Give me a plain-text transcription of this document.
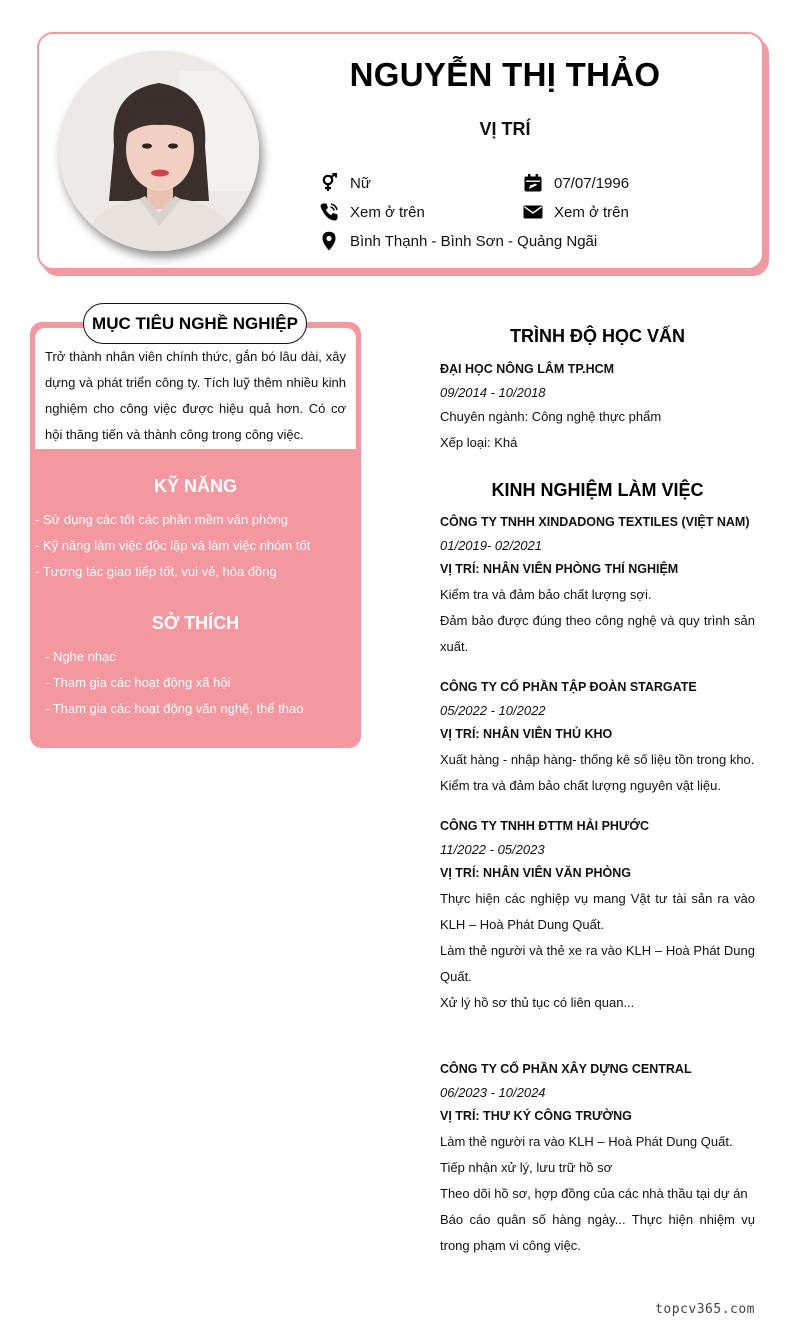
NGUYỄN THỊ THẢO
VỊ TRÍ
Nữ	07/07/1996
Xem ở trên	Xem ở trên
Bình Thạnh - Bình Sơn - Quảng Ngãi
MỤC TIÊU NGHỀ NGHIỆP
Trở thành nhân viên chính thức, gắn bó lâu dài, xây dựng và phát triển công ty. Tích luỹ thêm nhiều kinh nghiệm cho công việc được hiệu quả hơn. Có cơ hội thăng tiến và thành công trong công việc.
KỸ NĂNG
- Sử dụng các tốt các phần mềm văn phòng
- Kỹ năng làm việc độc lập và làm việc nhóm tốt
- Tương tác giao tiếp tốt, vui vẻ, hòa đồng
SỞ THÍCH
- Nghe nhạc
- Tham gia các hoạt động xã hội
- Tham gia các hoạt động văn nghệ, thể thao
TRÌNH ĐỘ HỌC VẤN
ĐẠI HỌC NÔNG LÂM TP.HCM
09/2014 - 10/2018
Chuyên ngành: Công nghệ thực phẩm
Xếp loại: Khá
KINH NGHIỆM LÀM VIỆC
CÔNG TY TNHH XINDADONG TEXTILES (VIỆT NAM)
01/2019- 02/2021
VỊ TRÍ: NHÂN VIÊN PHÒNG THÍ NGHIỆM
Kiểm tra và đảm bảo chất lượng sợi.
Đảm bảo được đúng theo công nghệ và quy trình sản xuất.
CÔNG TY CỔ PHẦN TẬP ĐOÀN STARGATE
05/2022 - 10/2022
VỊ TRÍ: NHÂN VIÊN THỦ KHO
Xuất hàng - nhập hàng- thống kê số liệu tồn trong kho.
Kiểm tra và đảm bảo chất lượng nguyên vật liệu.
CÔNG TY TNHH ĐTTM HẢI PHƯỚC
11/2022 - 05/2023
VỊ TRÍ: NHÂN VIÊN VĂN PHÒNG
Thực hiện các nghiệp vụ mang Vật tư tài sản ra vào KLH – Hoà Phát Dung Quất.
Làm thẻ người và thẻ xe ra vào KLH – Hoà Phát Dung Quất.
Xử lý hồ sơ thủ tục có liên quan...
CÔNG TY CỔ PHẦN XÂY DỰNG CENTRAL
06/2023 - 10/2024
VỊ TRÍ: THƯ KÝ CÔNG TRƯỜNG
Làm thẻ người ra vào KLH – Hoà Phát Dung Quất.
Tiếp nhận xử lý, lưu trữ hồ sơ
Theo dõi hồ sơ, hợp đồng của các nhà thầu tại dự án
Báo cáo quân số hàng ngày... Thực hiện nhiệm vụ trong phạm vi công việc.
topcv365.com
